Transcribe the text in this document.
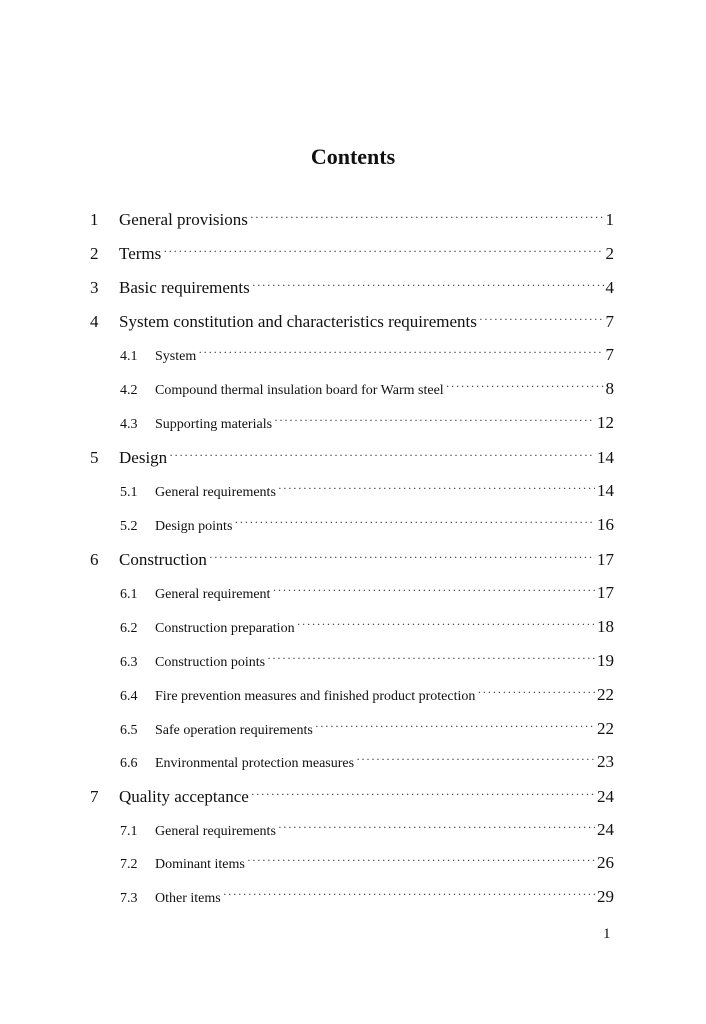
Contents
1	General provisions · · ·	1
2	Terms · · ·	2
3	Basic requirements · · ·	4
4	System constitution and characteristics requirements · · ·	7
4.1	System · · ·	7
4.2	Compound thermal insulation board for Warm steel · · ·	8
4.3	Supporting materials · · ·	12
5	Design · · ·	14
5.1	General requirements · · ·	14
5.2	Design points · · ·	16
6	Construction · · ·	17
6.1	General requirement · · ·	17
6.2	Construction preparation · · ·	18
6.3	Construction points · · ·	19
6.4	Fire prevention measures and finished product protection · · ·	22
6.5	Safe operation requirements · · ·	22
6.6	Environmental protection measures · · ·	23
7	Quality acceptance · · ·	24
7.1	General requirements · · ·	24
7.2	Dominant items · · ·	26
7.3	Other items · · ·	29
1
